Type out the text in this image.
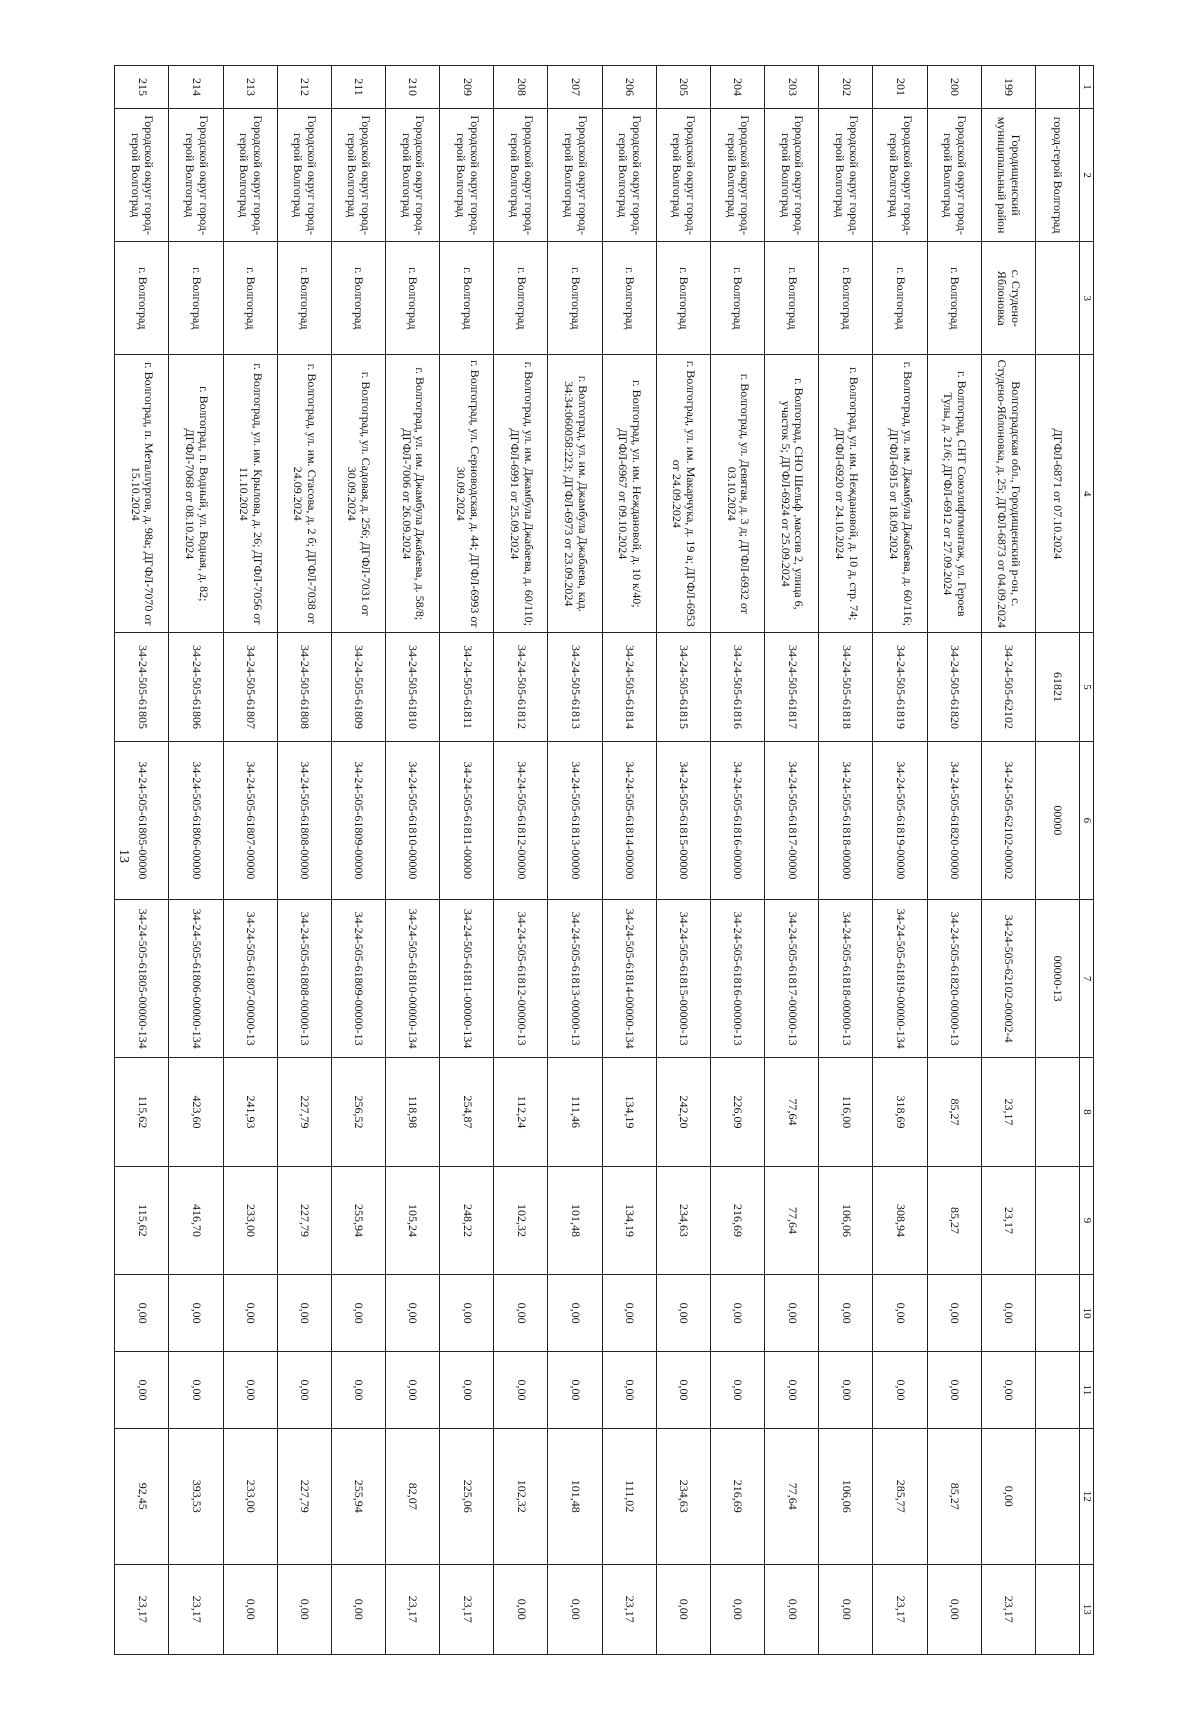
13
1	2	3	4	5	6	7	8	9	10	11	12	13
	город-герой Волгоград		ДГФЛ-6871 от 07.10.2024	61821	00000	00000-13						
199	Городищенский муниципальный район	с. Студено-Яблоновка	Волгоградская обл., Городищенский р-он, с. Студено-Яблоновка, д. 25; ДГФЛ-6873 от 04.09.2024	34-24-505-62102	34-24-505-62102-00002	34-24-505-62102-00002-4	23,17	23,17	0,00	0,00	0,00	23,17
200	Городской округ город-герой Волгоград	г. Волгоград	г. Волгоград, СНТ Союзлифтмонтаж, ул. Героев Тулы, д. 21/6; ДГФЛ-6912 от 27.09.2024	34-24-505-61820	34-24-505-61820-00000	34-24-505-61820-00000-13	85,27	85,27	0,00	0,00	85,27	0,00
201	Городской округ город-герой Волгоград	г. Волгоград	г. Волгоград, ул. им. Джамбула Джабаева, д. 60/116; ДГФЛ-6915 от 18.09.2024	34-24-505-61819	34-24-505-61819-00000	34-24-505-61819-00000-134	318,69	308,94	0,00	0,00	285,77	23,17
202	Городской округ город-герой Волгоград	г. Волгоград	г. Волгоград, ул. им. Неждановой, д. 10 д, стр. 74; ДГФЛ-6920 от 24.10.2024	34-24-505-61818	34-24-505-61818-00000	34-24-505-61818-00000-13	116,00	106,06	0,00	0,00	106,06	0,00
203	Городской округ город-герой Волгоград	г. Волгоград	г. Волгоград, СНО Шельф ,массив 2, улица 6, участок 5; ДГФЛ-6924 от 25.09.2024	34-24-505-61817	34-24-505-61817-00000	34-24-505-61817-00000-13	77,64	77,64	0,00	0,00	77,64	0,00
204	Городской округ город-герой Волгоград	г. Волгоград	г. Волгоград, ул. Девятая, д. 3 д; ДГФЛ-6932 от 03.10.2024	34-24-505-61816	34-24-505-61816-00000	34-24-505-61816-00000-13	226,09	216,69	0,00	0,00	216,69	0,00
205	Городской округ город-герой Волгоград	г. Волгоград	г. Волгоград, ул. им. Макарчука, д. 19 а; ДГФЛ-6953 от 24.09.2024	34-24-505-61815	34-24-505-61815-00000	34-24-505-61815-00000-13	242,20	234,63	0,00	0,00	234,63	0,00
206	Городской округ город-герой Волгоград	г. Волгоград	г. Волгоград, ул. им. Неждановой, д. 10 к/40; ДГФЛ-6967 от 09.10.2024	34-24-505-61814	34-24-505-61814-00000	34-24-505-61814-00000-134	134,19	134,19	0,00	0,00	111,02	23,17
207	Городской округ город-герой Волгоград	г. Волгоград	г. Волгоград, ул. им. Джамбула Джабаева, кад. 34:34:060058:223; ДГФЛ-6973 от 23.09.2024	34-24-505-61813	34-24-505-61813-00000	34-24-505-61813-00000-13	111,46	101,48	0,00	0,00	101,48	0,00
208	Городской округ город-герой Волгоград	г. Волгоград	г. Волгоград, ул. им. Джамбула Джабаева, д. 60/110; ДГФЛ-6991 от 25.09.2024	34-24-505-61812	34-24-505-61812-00000	34-24-505-61812-00000-13	112,24	102,32	0,00	0,00	102,32	0,00
209	Городской округ город-герой Волгоград	г. Волгоград	г. Волгоград, ул. Серноводская, д. 44; ДГФЛ-6993 от 30.09.2024	34-24-505-61811	34-24-505-61811-00000	34-24-505-61811-00000-134	254,87	248,22	0,00	0,00	225,06	23,17
210	Городской округ город-герой Волгоград	г. Волгоград	г. Волгоград, ул. им. Джамбула Джабаева, д. 58/8; ДГФЛ-7006 от 26.09.2024	34-24-505-61810	34-24-505-61810-00000	34-24-505-61810-00000-134	118,98	105,24	0,00	0,00	82,07	23,17
211	Городской округ город-герой Волгоград	г. Волгоград	г. Волгоград, ул. Садовая, д. 256; ДГФЛ-7031 от 30.09.2024	34-24-505-61809	34-24-505-61809-00000	34-24-505-61809-00000-13	256,52	255,94	0,00	0,00	255,94	0,00
212	Городской округ город-герой Волгоград	г. Волгоград	г. Волгоград, ул. им. Стасова, д. 2 б; ДГФЛ-7038 от 24.09.2024	34-24-505-61808	34-24-505-61808-00000	34-24-505-61808-00000-13	227,79	227,79	0,00	0,00	227,79	0,00
213	Городской округ город-герой Волгоград	г. Волгоград	г. Волгоград, ул. им. Крылова, д. 26; ДГФЛ-7056 от 11.10.2024	34-24-505-61807	34-24-505-61807-00000	34-24-505-61807-00000-13	241,93	233,00	0,00	0,00	233,00	0,00
214	Городской округ город-герой Волгоград	г. Волгоград	г. Волгоград, п. Водный, ул. Водная, д. 82; ДГФЛ-7068 от 08.10.2024	34-24-505-61806	34-24-505-61806-00000	34-24-505-61806-00000-134	423,60	416,70	0,00	0,00	393,53	23,17
215	Городской округ город-герой Волгоград	г. Волгоград	г. Волгоград, п. Металлургов, д. 98а; ДГФЛ-7070 от 15.10.2024	34-24-505-61805	34-24-505-61805-00000	34-24-505-61805-00000-134	115,62	115,62	0,00	0,00	92,45	23,17
